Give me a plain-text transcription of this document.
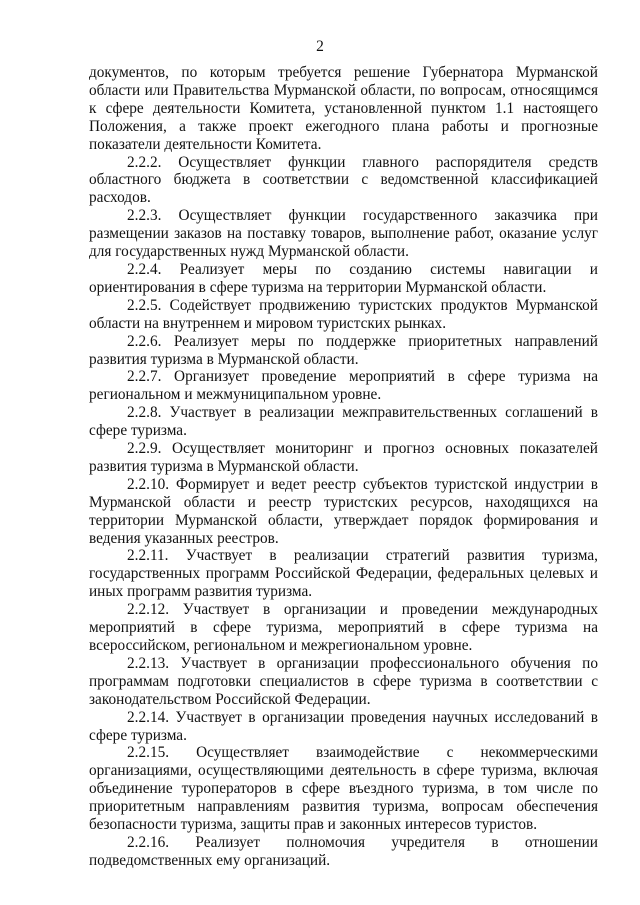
2

документов, по которым требуется решение Губернатора Мурманской области или Правительства Мурманской области, по вопросам, относящимся к сфере деятельности Комитета, установленной пунктом 1.1 настоящего Положения, а также проект ежегодного плана работы и прогнозные показатели деятельности Комитета.

2.2.2. Осуществляет функции главного распорядителя средств областного бюджета в соответствии с ведомственной классификацией расходов.

2.2.3. Осуществляет функции государственного заказчика при размещении заказов на поставку товаров, выполнение работ, оказание услуг для государственных нужд Мурманской области.

2.2.4. Реализует меры по созданию системы навигации и ориентирования в сфере туризма на территории Мурманской области.

2.2.5. Содействует продвижению туристских продуктов Мурманской области на внутреннем и мировом туристских рынках.

2.2.6. Реализует меры по поддержке приоритетных направлений развития туризма в Мурманской области.

2.2.7. Организует проведение мероприятий в сфере туризма на региональном и межмуниципальном уровне.

2.2.8. Участвует в реализации межправительственных соглашений в сфере туризма.

2.2.9. Осуществляет мониторинг и прогноз основных показателей развития туризма в Мурманской области.

2.2.10. Формирует и ведет реестр субъектов туристской индустрии в Мурманской области и реестр туристских ресурсов, находящихся на территории Мурманской области, утверждает порядок формирования и ведения указанных реестров.

2.2.11. Участвует в реализации стратегий развития туризма, государственных программ Российской Федерации, федеральных целевых и иных программ развития туризма.

2.2.12. Участвует в организации и проведении международных мероприятий в сфере туризма, мероприятий в сфере туризма на всероссийском, региональном и межрегиональном уровне.

2.2.13. Участвует в организации профессионального обучения по программам подготовки специалистов в сфере туризма в соответствии с законодательством Российской Федерации.

2.2.14. Участвует в организации проведения научных исследований в сфере туризма.

2.2.15. Осуществляет взаимодействие с некоммерческими организациями, осуществляющими деятельность в сфере туризма, включая объединение туроператоров в сфере въездного туризма, в том числе по приоритетным направлениям развития туризма, вопросам обеспечения безопасности туризма, защиты прав и законных интересов туристов.

2.2.16. Реализует полномочия учредителя в отношении подведомственных ему организаций.
